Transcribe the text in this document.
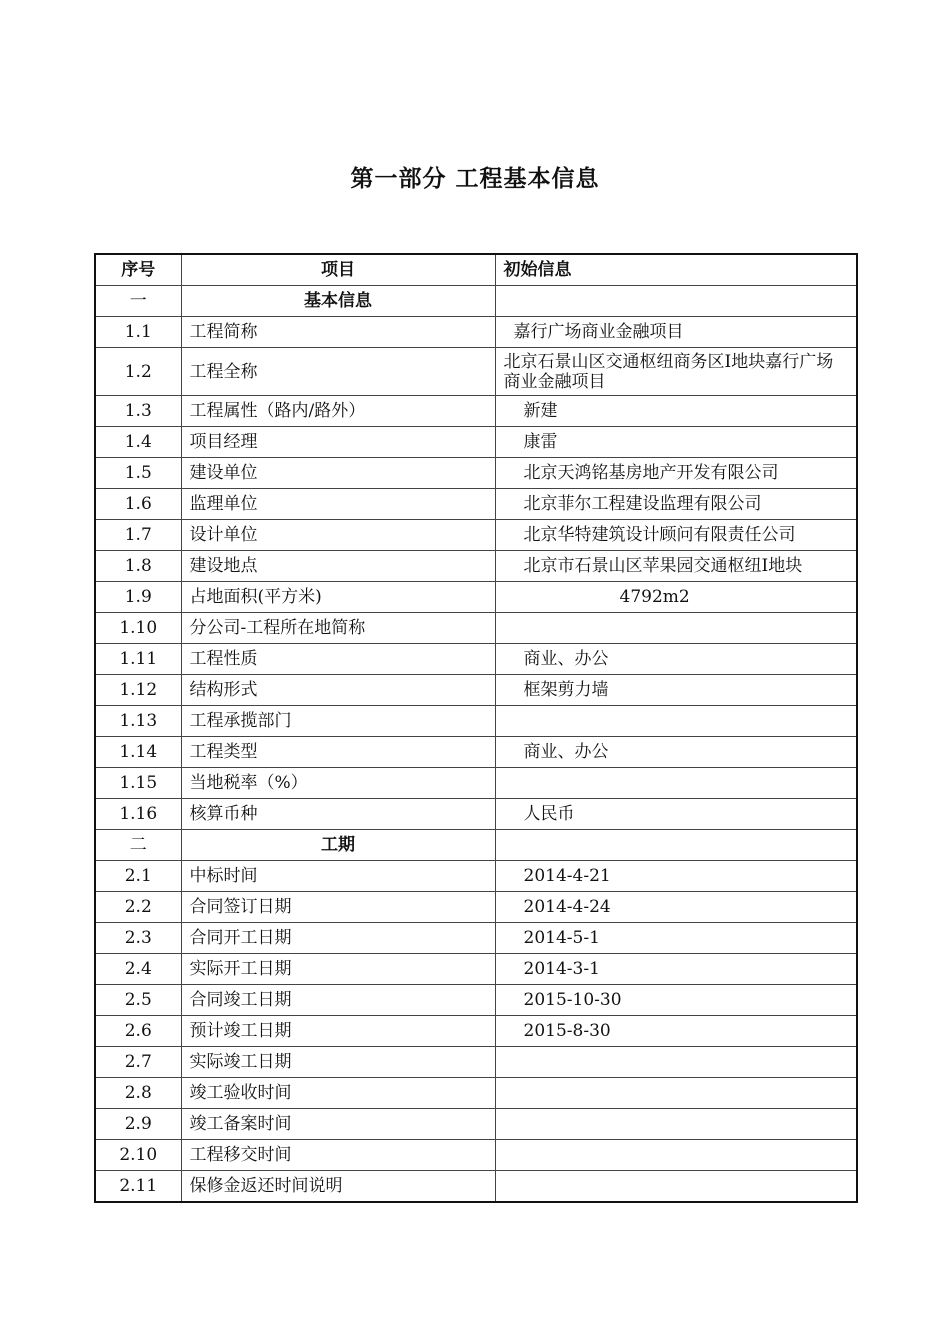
第一部分 工程基本信息
序号	项目	初始信息
一	基本信息	
1.1	工程简称	嘉行广场商业金融项目
1.2	工程全称	北京石景山区交通枢纽商务区Ⅰ地块嘉行广场商业金融项目
1.3	工程属性（路内/路外）	新建
1.4	项目经理	康雷
1.5	建设单位	北京天鸿铭基房地产开发有限公司
1.6	监理单位	北京菲尔工程建设监理有限公司
1.7	设计单位	北京华特建筑设计顾问有限责任公司
1.8	建设地点	北京市石景山区苹果园交通枢纽Ⅰ地块
1.9	占地面积(平方米)	4792m2
1.10	分公司-工程所在地简称	
1.11	工程性质	商业、办公
1.12	结构形式	框架剪力墙
1.13	工程承揽部门	
1.14	工程类型	商业、办公
1.15	当地税率（%）	
1.16	核算币种	人民币
二	工期	
2.1	中标时间	2014-4-21
2.2	合同签订日期	2014-4-24
2.3	合同开工日期	2014-5-1
2.4	实际开工日期	2014-3-1
2.5	合同竣工日期	2015-10-30
2.6	预计竣工日期	2015-8-30
2.7	实际竣工日期	
2.8	竣工验收时间	
2.9	竣工备案时间	
2.10	工程移交时间	
2.11	保修金返还时间说明	
